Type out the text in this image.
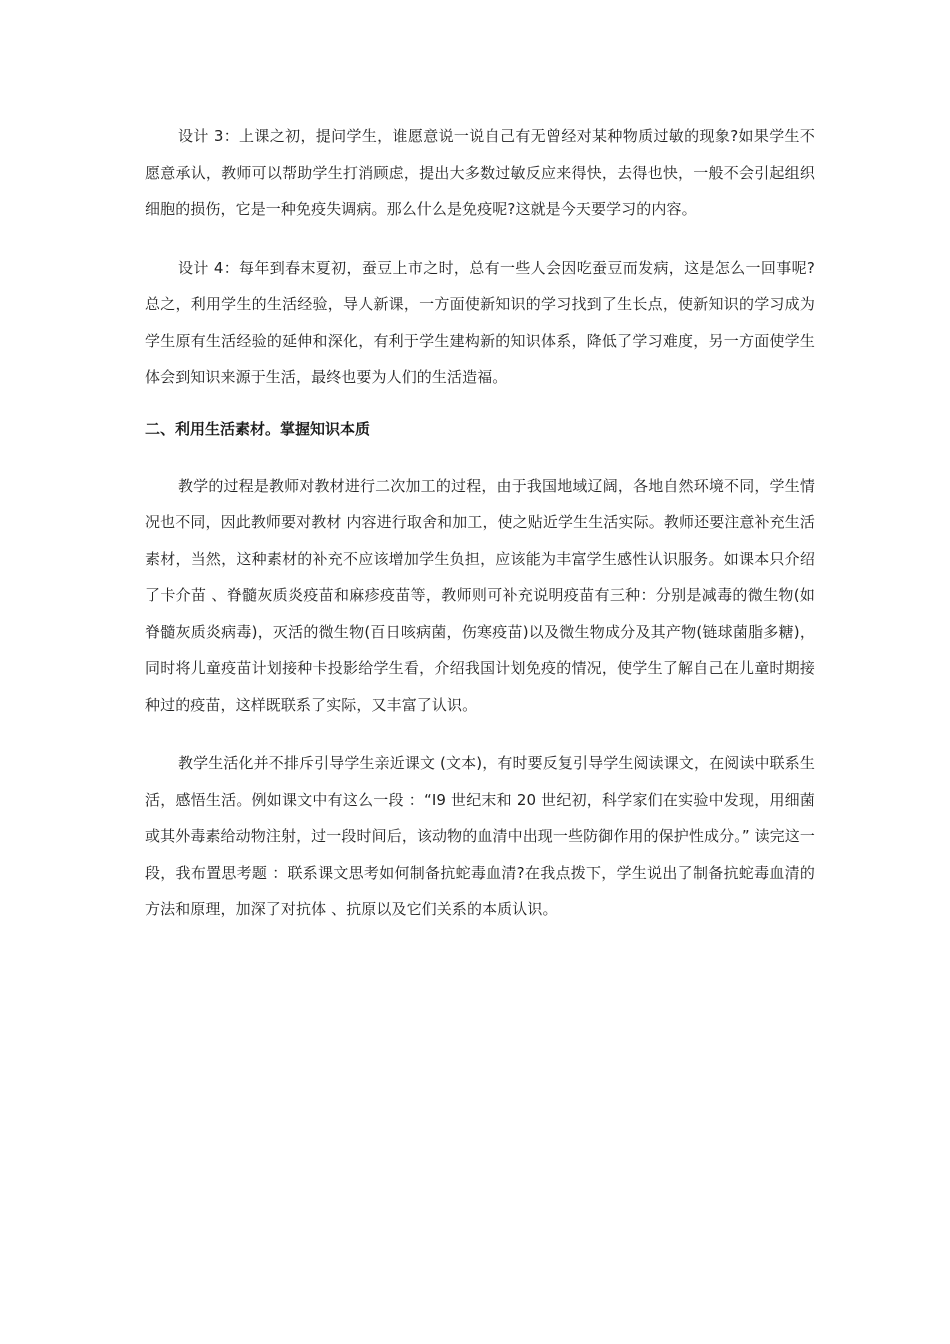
设计 3：上课之初，提问学生，谁愿意说一说自己有无曾经对某种物质过敏的现象?如果学生不愿意承认，教师可以帮助学生打消顾虑，提出大多数过敏反应来得快，去得也快，一般不会引起组织细胞的损伤，它是一种免疫失调病。那么什么是免疫呢?这就是今天要学习的内容。

设计 4：每年到春末夏初，蚕豆上市之时，总有一些人会因吃蚕豆而发病，这是怎么一回事呢? 总之，利用学生的生活经验，导人新课，一方面使新知识的学习找到了生长点，使新知识的学习成为学生原有生活经验的延伸和深化，有利于学生建构新的知识体系，降低了学习难度，另一方面使学生体会到知识来源于生活，最终也要为人们的生活造福。

二、利用生活素材。掌握知识本质

教学的过程是教师对教材进行二次加工的过程，由于我国地域辽阔，各地自然环境不同，学生情况也不同，因此教师要对教材 内容进行取舍和加工，使之贴近学生生活实际。教师还要注意补充生活素材，当然，这种素材的补充不应该增加学生负担，应该能为丰富学生感性认识服务。如课本只介绍了卡介苗 、脊髓灰质炎疫苗和麻疹疫苗等，教师则可补充说明疫苗有三种：分别是减毒的微生物(如脊髓灰质炎病毒)，灭活的微生物(百日咳病菌，伤寒疫苗)以及微生物成分及其产物(链球菌脂多糖)，同时将儿童疫苗计划接种卡投影给学生看，介绍我国计划免疫的情况，使学生了解自己在儿童时期接种过的疫苗，这样既联系了实际，又丰富了认识。

教学生活化并不排斥引导学生亲近课文 (文本)，有时要反复引导学生阅读课文，在阅读中联系生活，感悟生活。例如课文中有这么一段 ：“I9 世纪末和 20 世纪初，科学家们在实验中发现，用细菌或其外毒素给动物注射，过一段时间后，该动物的血清中出现一些防御作用的保护性成分。” 读完这一段，我布置思考题 ：联系课文思考如何制备抗蛇毒血清?在我点拨下，学生说出了制备抗蛇毒血清的方法和原理，加深了对抗体 、抗原以及它们关系的本质认识。
